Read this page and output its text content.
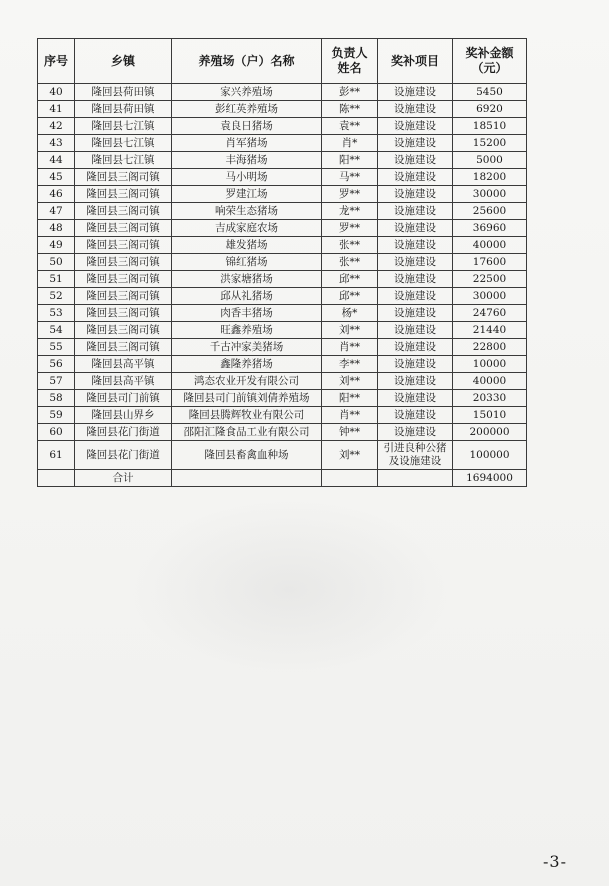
序号	乡镇	养殖场（户）名称	负责人姓名	奖补项目	奖补金额（元）
40	隆回县荷田镇	家兴养殖场	彭**	设施建设	5450
41	隆回县荷田镇	彭红英养殖场	陈**	设施建设	6920
42	隆回县七江镇	袁良日猪场	袁**	设施建设	18510
43	隆回县七江镇	肖军猪场	肖*	设施建设	15200
44	隆回县七江镇	丰海猪场	阳**	设施建设	5000
45	隆回县三阁司镇	马小明场	马**	设施建设	18200
46	隆回县三阁司镇	罗建江场	罗**	设施建设	30000
47	隆回县三阁司镇	响荣生态猪场	龙**	设施建设	25600
48	隆回县三阁司镇	吉成家庭农场	罗**	设施建设	36960
49	隆回县三阁司镇	雄发猪场	张**	设施建设	40000
50	隆回县三阁司镇	锦红猪场	张**	设施建设	17600
51	隆回县三阁司镇	洪家塘猪场	邱**	设施建设	22500
52	隆回县三阁司镇	邱从礼猪场	邱**	设施建设	30000
53	隆回县三阁司镇	肉香丰猪场	杨*	设施建设	24760
54	隆回县三阁司镇	旺鑫养殖场	刘**	设施建设	21440
55	隆回县三阁司镇	千古冲家美猪场	肖**	设施建设	22800
56	隆回县高平镇	鑫隆养猪场	李**	设施建设	10000
57	隆回县高平镇	鸿态农业开发有限公司	刘**	设施建设	40000
58	隆回县司门前镇	隆回县司门前镇刘倩养殖场	阳**	设施建设	20330
59	隆回县山界乡	隆回县腾辉牧业有限公司	肖**	设施建设	15010
60	隆回县花门街道	邵阳汇隆食品工业有限公司	钟**	设施建设	200000
61	隆回县花门街道	隆回县畜禽血种场	刘**	引进良种公猪及设施建设	100000
	合计				1694000
-3-
